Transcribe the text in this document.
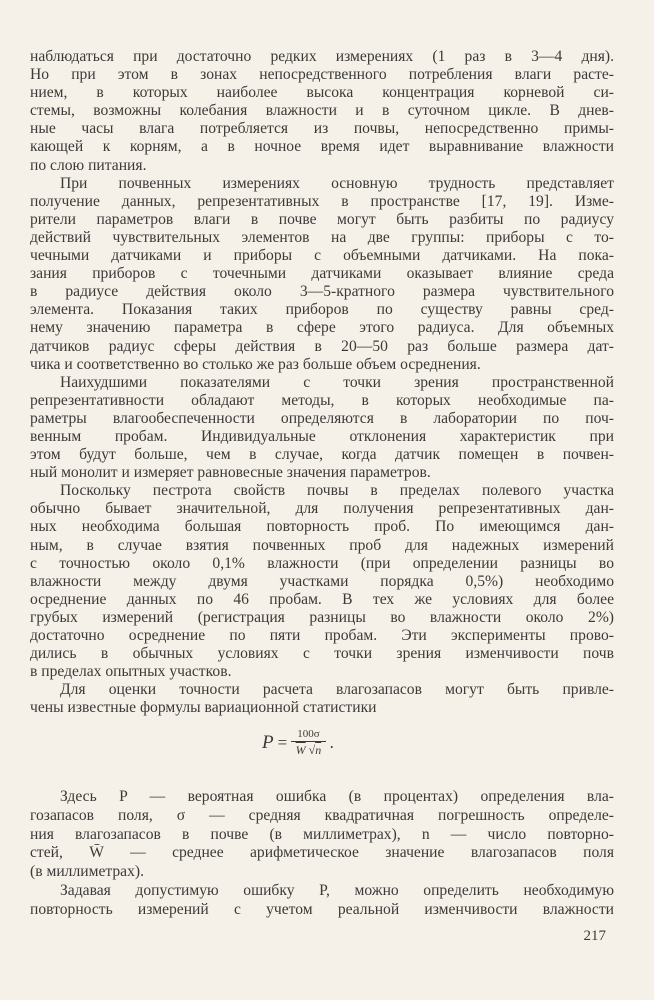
наблюдаться при достаточно редких измерениях (1 раз в 3—4 дня).
Но при этом в зонах непосредственного потребления влаги расте-
нием, в которых наиболее высока концентрация корневой си-
стемы, возможны колебания влажности и в суточном цикле. В днев-
ные часы влага потребляется из почвы, непосредственно примы-
кающей к корням, а в ночное время идет выравнивание влажности
по слою питания.
При почвенных измерениях основную трудность представляет
получение данных, репрезентативных в пространстве [17, 19]. Изме-
рители параметров влаги в почве могут быть разбиты по радиусу
действий чувствительных элементов на две группы: приборы с то-
чечными датчиками и приборы с объемными датчиками. На пока-
зания приборов с точечными датчиками оказывает влияние среда
в радиусе действия около 3—5-кратного размера чувствительного
элемента. Показания таких приборов по существу равны сред-
нему значению параметра в сфере этого радиуса. Для объемных
датчиков радиус сферы действия в 20—50 раз больше размера дат-
чика и соответственно во столько же раз больше объем осреднения.
Наихудшими показателями с точки зрения пространственной
репрезентативности обладают методы, в которых необходимые па-
раметры влагообеспеченности определяются в лаборатории по поч-
венным пробам. Индивидуальные отклонения характеристик при
этом будут больше, чем в случае, когда датчик помещен в почвен-
ный монолит и измеряет равновесные значения параметров.
Поскольку пестрота свойств почвы в пределах полевого участка
обычно бывает значительной, для получения репрезентативных дан-
ных необходима большая повторность проб. По имеющимся дан-
ным, в случае взятия почвенных проб для надежных измерений
с точностью около 0,1% влажности (при определении разницы во
влажности между двумя участками порядка 0,5%) необходимо
осреднение данных по 46 пробам. В тех же условиях для более
грубых измерений (регистрация разницы во влажности около 2%)
достаточно осреднение по пяти пробам. Эти эксперименты прово-
дились в обычных условиях с точки зрения изменчивости почв
в пределах опытных участков.
Для оценки точности расчета влагозапасов могут быть привле-
чены известные формулы вариационной статистики
$P = \frac{100\sigma}{\overline{W} √n}$ .
Здесь P — вероятная ошибка (в процентах) определения вла-
гозапасов поля, σ — средняя квадратичная погрешность определе-
ния влагозапасов в почве (в миллиметрах), n — число повторно-
стей, W̄ — среднее арифметическое значение влагозапасов поля
(в миллиметрах).
Задавая допустимую ошибку P, можно определить необходимую
повторность измерений с учетом реальной изменчивости влажности
217
